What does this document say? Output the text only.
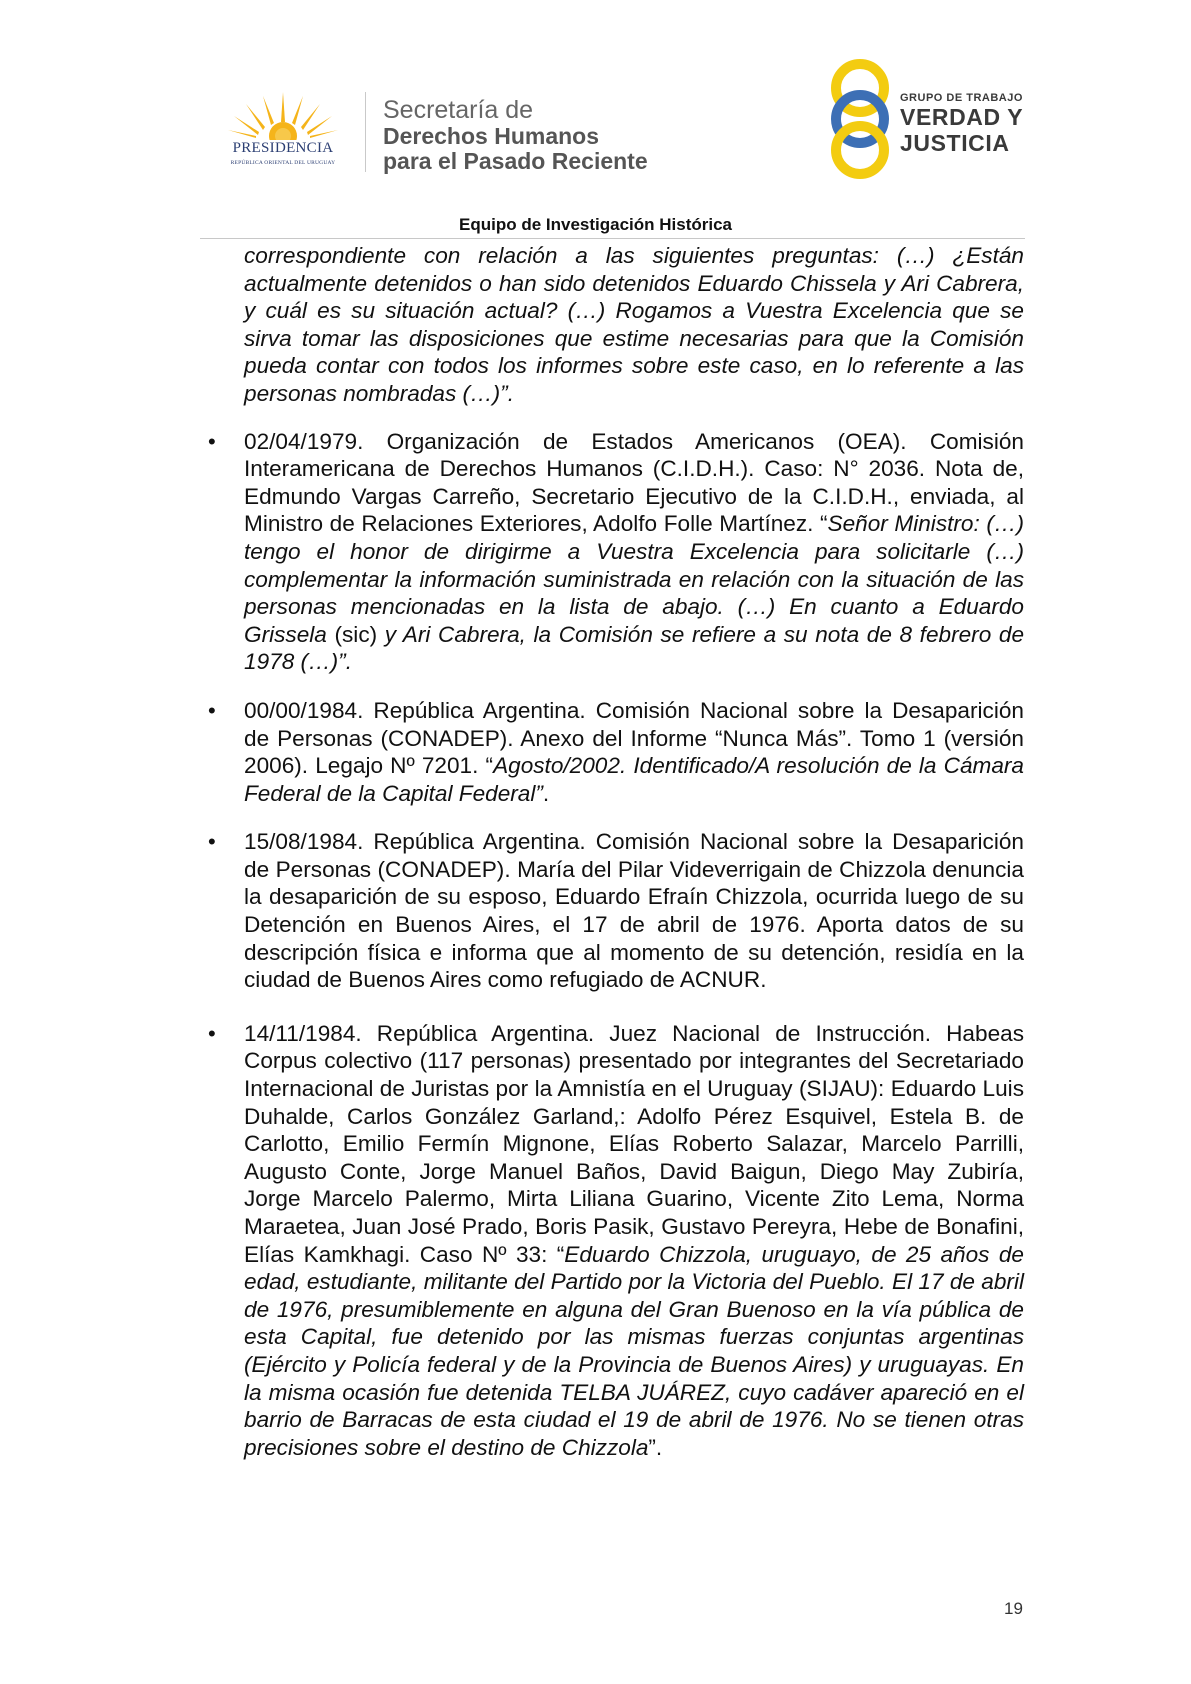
PRESIDENCIA
REPÚBLICA ORIENTAL DEL URUGUAY
Secretaría de
Derechos Humanos
para el Pasado Reciente
GRUPO DE TRABAJO
VERDAD Y
JUSTICIA
Equipo de Investigación Histórica

correspondiente con relación a las siguientes preguntas: (…) ¿Están actualmente detenidos o han sido detenidos Eduardo Chissela y Ari Cabrera, y cuál es su situación actual? (…) Rogamos a Vuestra Excelencia que se sirva tomar las disposiciones que estime necesarias para que la Comisión pueda contar con todos los informes sobre este caso, en lo referente a las personas nombradas (…)”.

• 02/04/1979. Organización de Estados Americanos (OEA). Comisión Interamericana de Derechos Humanos (C.I.D.H.). Caso: N° 2036. Nota de, Edmundo Vargas Carreño, Secretario Ejecutivo de la C.I.D.H., enviada, al Ministro de Relaciones Exteriores, Adolfo Folle Martínez. “Señor Ministro: (…) tengo el honor de dirigirme a Vuestra Excelencia para solicitarle (…) complementar la información suministrada en relación con la situación de las personas mencionadas en la lista de abajo. (…) En cuanto a Eduardo Grissela (sic) y Ari Cabrera, la Comisión se refiere a su nota de 8 febrero de 1978 (…)”.
• 00/00/1984. República Argentina. Comisión Nacional sobre la Desaparición de Personas (CONADEP). Anexo del Informe “Nunca Más”. Tomo 1 (versión 2006). Legajo Nº 7201. “Agosto/2002. Identificado/A resolución de la Cámara Federal de la Capital Federal”.
• 15/08/1984. República Argentina. Comisión Nacional sobre la Desaparición de Personas (CONADEP). María del Pilar Videverrigain de Chizzola denuncia la desaparición de su esposo, Eduardo Efraín Chizzola, ocurrida luego de su Detención en Buenos Aires, el 17 de abril de 1976. Aporta datos de su descripción física e informa que al momento de su detención, residía en la ciudad de Buenos Aires como refugiado de ACNUR.
• 14/11/1984. República Argentina. Juez Nacional de Instrucción. Habeas Corpus colectivo (117 personas) presentado por integrantes del Secretariado Internacional de Juristas por la Amnistía en el Uruguay (SIJAU): Eduardo Luis Duhalde, Carlos González Garland,: Adolfo Pérez Esquivel, Estela B. de Carlotto, Emilio Fermín Mignone, Elías Roberto Salazar, Marcelo Parrilli, Augusto Conte, Jorge Manuel Baños, David Baigun, Diego May Zubiría, Jorge Marcelo Palermo, Mirta Liliana Guarino, Vicente Zito Lema, Norma Maraetea, Juan José Prado, Boris Pasik, Gustavo Pereyra, Hebe de Bonafini, Elías Kamkhagi. Caso Nº 33: “Eduardo Chizzola, uruguayo, de 25 años de edad, estudiante, militante del Partido por la Victoria del Pueblo. El 17 de abril de 1976, presumiblemente en alguna del Gran Buenoso en la vía pública de esta Capital, fue detenido por las mismas fuerzas conjuntas argentinas (Ejército y Policía federal y de la Provincia de Buenos Aires) y uruguayas. En la misma ocasión fue detenida TELBA JUÁREZ, cuyo cadáver apareció en el barrio de Barracas de esta ciudad el 19 de abril de 1976. No se tienen otras precisiones sobre el destino de Chizzola”.
19
